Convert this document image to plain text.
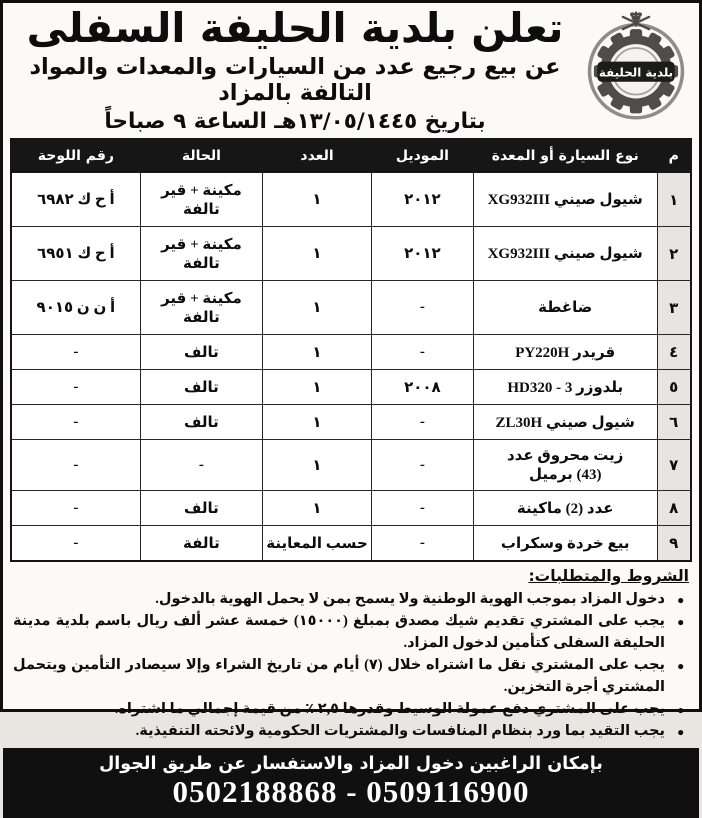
بلدية الحليفة
تعلن بلدية الحليفة السفلى
عن بيع رجيع عدد من السيارات والمعدات والمواد التالفة بالمزاد
بتاريخ ١٣/٠٥/١٤٤٥هـ الساعة ٩ صباحاً
م	نوع السيارة أو المعدة	الموديل	العدد	الحالة	رقم اللوحة
١	شيول صيني XG932III	٢٠١٢	١	مكينة + قير تالفة	أ ح ك ٦٩٨٢
٢	شيول صيني XG932III	٢٠١٢	١	مكينة + قير تالفة	أ ح ك ٦٩٥١
٣	ضاغطة	-	١	مكينة + قير تالفة	أ ن ن ٩٠١٥
٤	قريدر PY220H	-	١	تالف	-
٥	بلدوزر 3 - HD320	٢٠٠٨	١	تالف	-
٦	شيول صيني ZL30H	-	١	تالف	-
٧	زيت محروق عدد (43) برميل	-	١	-	-
٨	عدد (2) ماكينة	-	١	تالف	-
٩	بيع خردة وسكراب	-	حسب المعاينة	تالفة	-
الشروط والمتطلبات:
• دخول المزاد بموجب الهوية الوطنية ولا يسمح بمن لا يحمل الهوية بالدخول.
• يجب على المشتري تقديم شيك مصدق بمبلغ (١٥٠٠٠) خمسة عشر ألف ريال باسم بلدية مدينة الحليفة السفلى كتأمين لدخول المزاد.
• يجب على المشتري نقل ما اشتراه خلال (٧) أيام من تاريخ الشراء وإلا سيصادر التأمين ويتحمل المشتري أجرة التخزين.
• يجب على المشتري دفع عمولة الوسيط وقدرها ٢,٥ ٪ من قيمة إجمالي ما اشتراه.
• يجب التقيد بما ورد بنظام المنافسات والمشتريات الحكومية ولائحته التنفيذية.
بإمكان الراغبين دخول المزاد والاستفسار عن طريق الجوال
0502188868 - 0509116900
